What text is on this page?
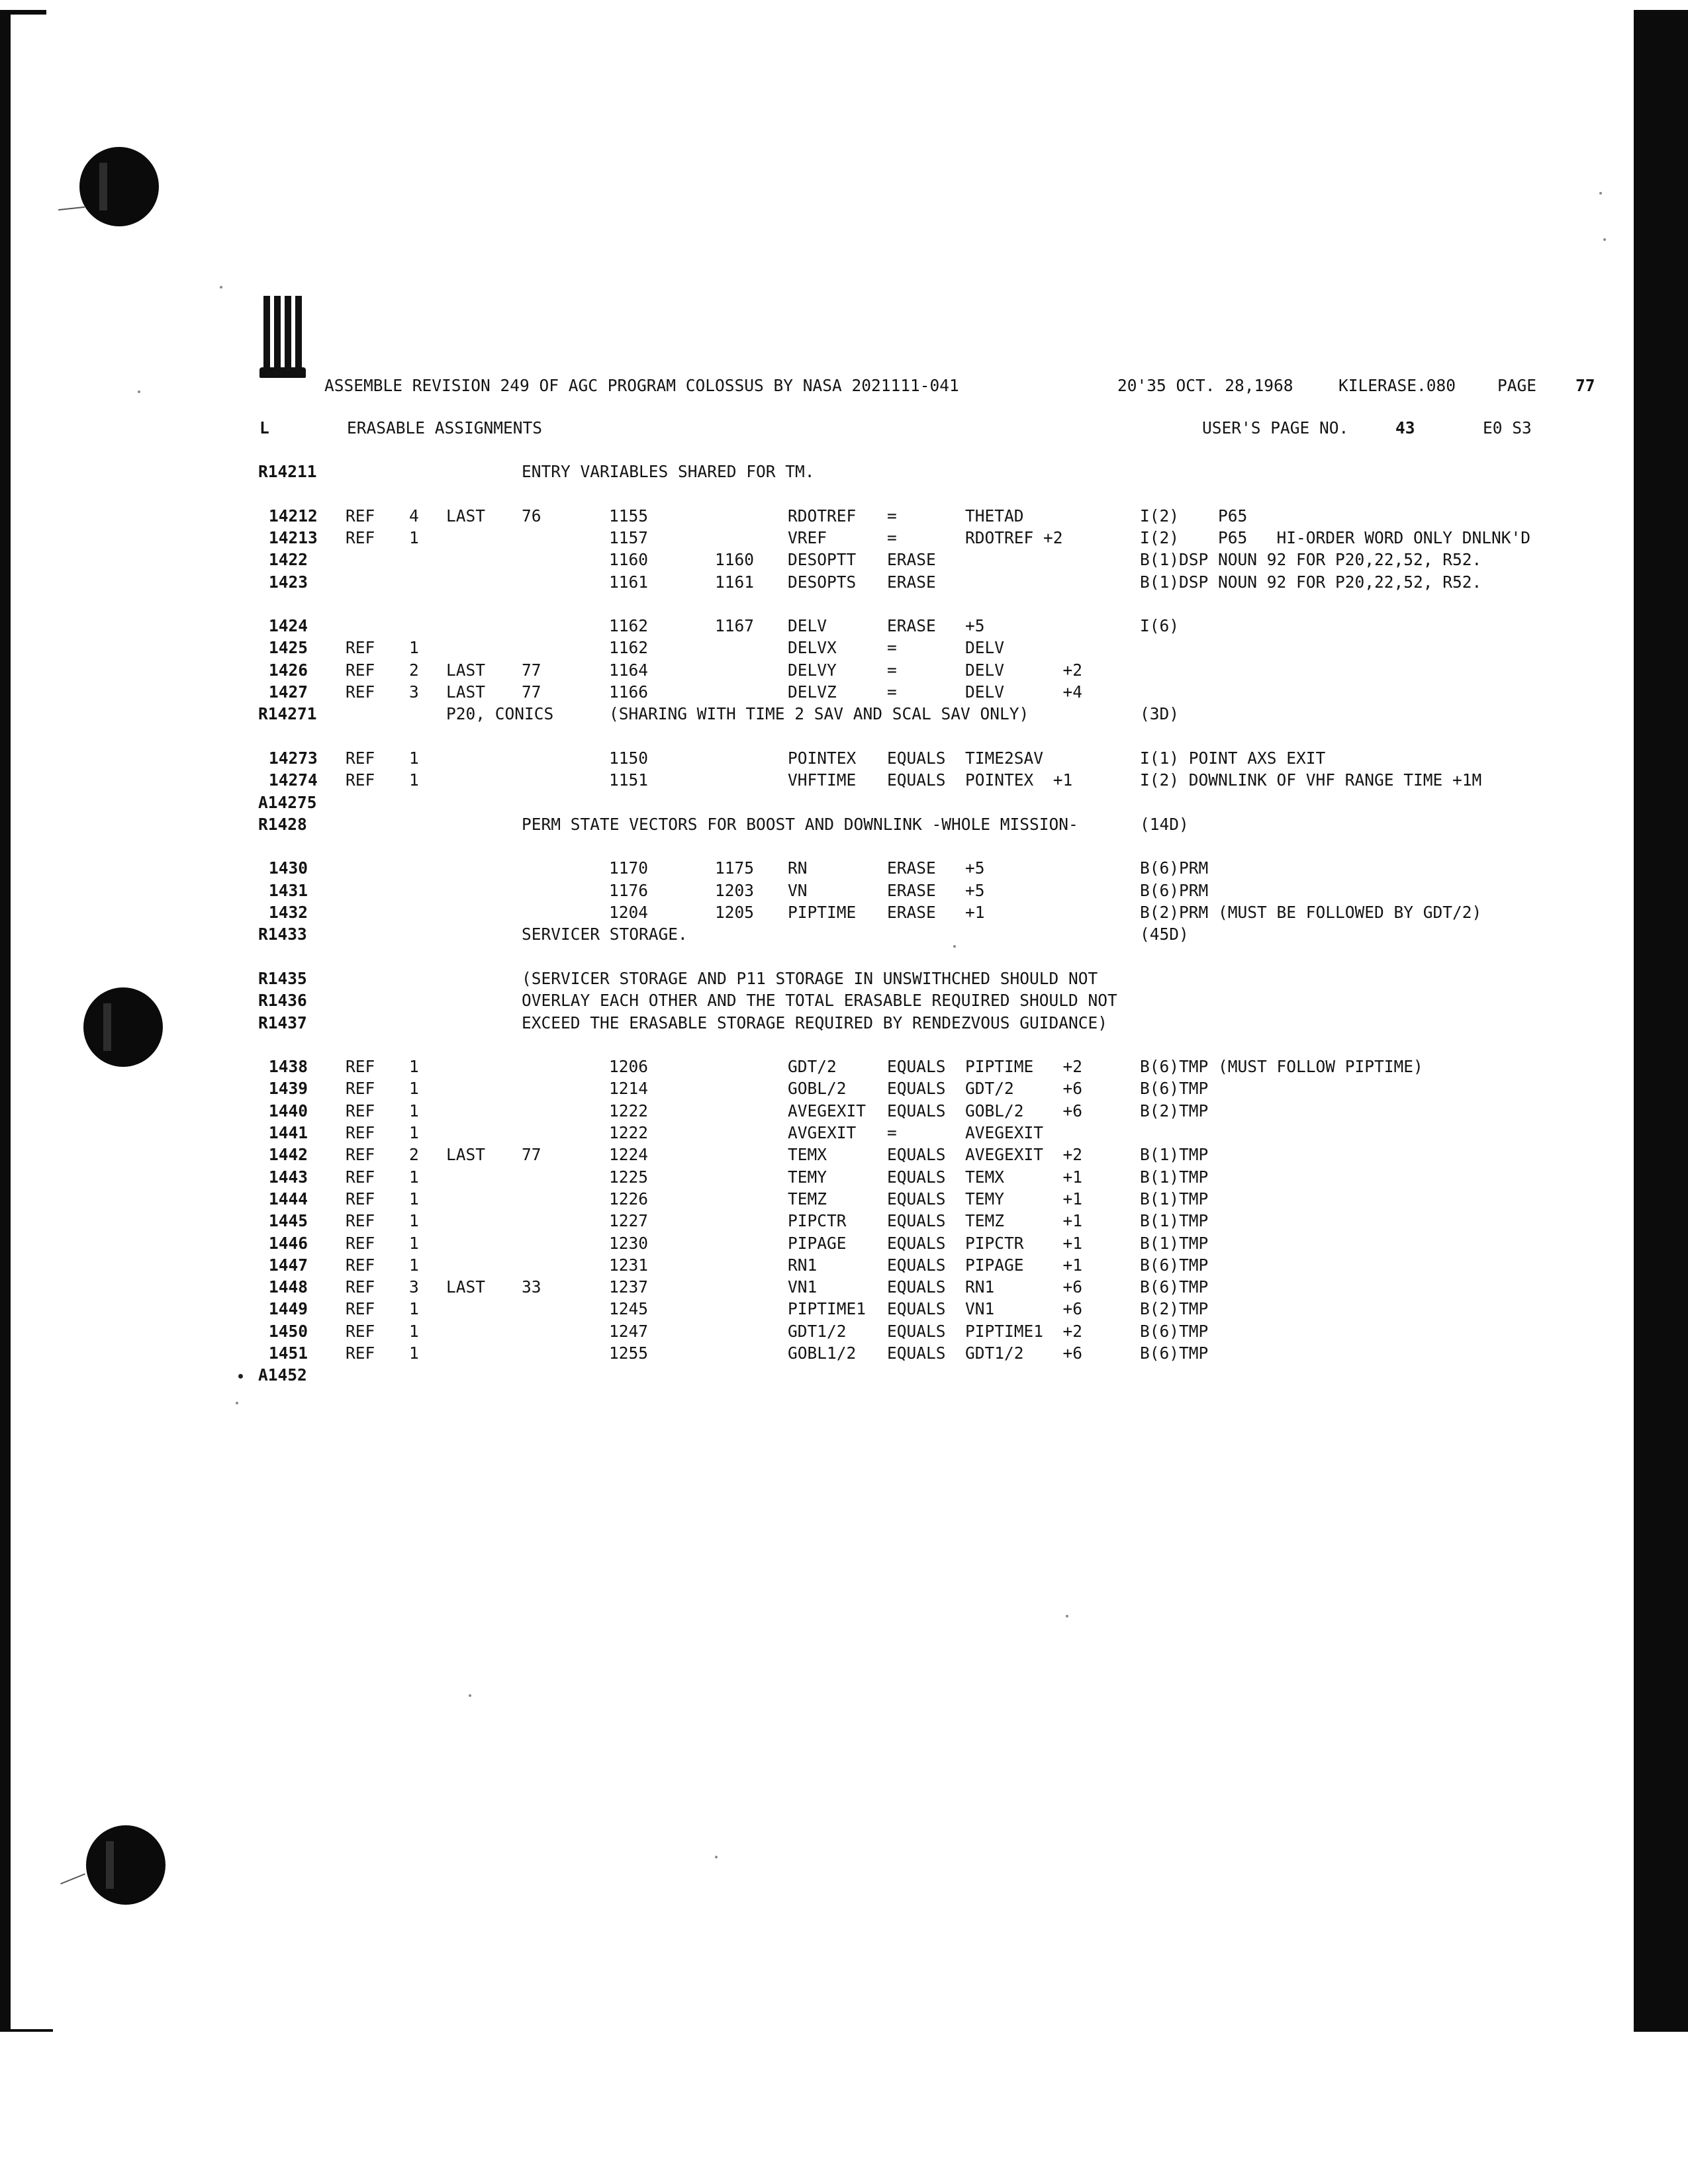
ASSEMBLE REVISION 249 OF AGC PROGRAM COLOSSUS BY NASA 2021111-041

	20'35 OCT. 28,1968

	KILERASE.080

	PAGE

77

L

	ERASABLE ASSIGNMENTS

	USER'S PAGE NO.

	43

	E0 S3

R14211	ENTRY VARIABLES SHARED FOR TM.
14212 REF 4 LAST 76	1155	RDOTREF =	THETAD	I(2)    P65
14213 REF 1	1157	VREF	=	RDOTREF +2	I(2)    P65   HI-ORDER WORD ONLY DNLNK'D
1422	1160	1160 DESOPTT ERASE	B(1)DSP NOUN 92 FOR P20,22,52, R52.
1423	1161	1161 DESOPTS ERASE	B(1)DSP NOUN 92 FOR P20,22,52, R52.
1424	1162	1167 DELV	ERASE +5	I(6)
1425 REF 1	1162	DELVX	=	DELV
1426 REF 2 LAST 77	1164	DELVY	=	DELV      +2
1427 REF 3 LAST 77	1166	DELVZ	=	DELV      +4
R14271	P20, CONICS	(SHARING WITH TIME 2 SAV AND SCAL SAV ONLY)	(3D)
14273 REF 1	1150	POINTEX EQUALS TIME2SAV	I(1) POINT AXS EXIT
14274 REF 1	1151	VHFTIME EQUALS POINTEX  +1	I(2) DOWNLINK OF VHF RANGE TIME +1M
A14275
R1428	PERM STATE VECTORS FOR BOOST AND DOWNLINK -WHOLE MISSION-	(14D)
1430	1170	1175 RN	ERASE +5	B(6)PRM
1431	1176	1203 VN	ERASE +5	B(6)PRM
1432	1204	1205 PIPTIME ERASE +1	B(2)PRM (MUST BE FOLLOWED BY GDT/2)
R1433	SERVICER STORAGE.	(45D)
R1435	(SERVICER STORAGE AND P11 STORAGE IN UNSWITHCHED SHOULD NOT
R1436	OVERLAY EACH OTHER AND THE TOTAL ERASABLE REQUIRED SHOULD NOT
R1437	EXCEED THE ERASABLE STORAGE REQUIRED BY RENDEZVOUS GUIDANCE)
1438 REF 1	1206	GDT/2	EQUALS PIPTIME   +2	B(6)TMP (MUST FOLLOW PIPTIME)
1439 REF 1	1214	GOBL/2	EQUALS GDT/2     +6	B(6)TMP
1440 REF 1	1222	AVEGEXIT EQUALS GOBL/2    +6	B(2)TMP
1441 REF 1	1222	AVGEXIT =	AVEGEXIT
1442 REF 2 LAST 77	1224	TEMX	EQUALS AVEGEXIT  +2	B(1)TMP
1443 REF 1	1225	TEMY	EQUALS TEMX      +1	B(1)TMP
1444 REF 1	1226	TEMZ	EQUALS TEMY      +1	B(1)TMP
1445 REF 1	1227	PIPCTR	EQUALS TEMZ      +1	B(1)TMP
1446 REF 1	1230	PIPAGE	EQUALS PIPCTR    +1	B(1)TMP
1447 REF 1	1231	RN1	EQUALS PIPAGE    +1	B(6)TMP
1448 REF 3 LAST 33	1237	VN1	EQUALS RN1       +6	B(6)TMP
1449 REF 1	1245	PIPTIME1 EQUALS VN1       +6	B(2)TMP
1450 REF 1	1247	GDT1/2	EQUALS PIPTIME1  +2	B(6)TMP
1451 REF 1	1255	GOBL1/2 EQUALS GDT1/2    +6	B(6)TMP
A1452
